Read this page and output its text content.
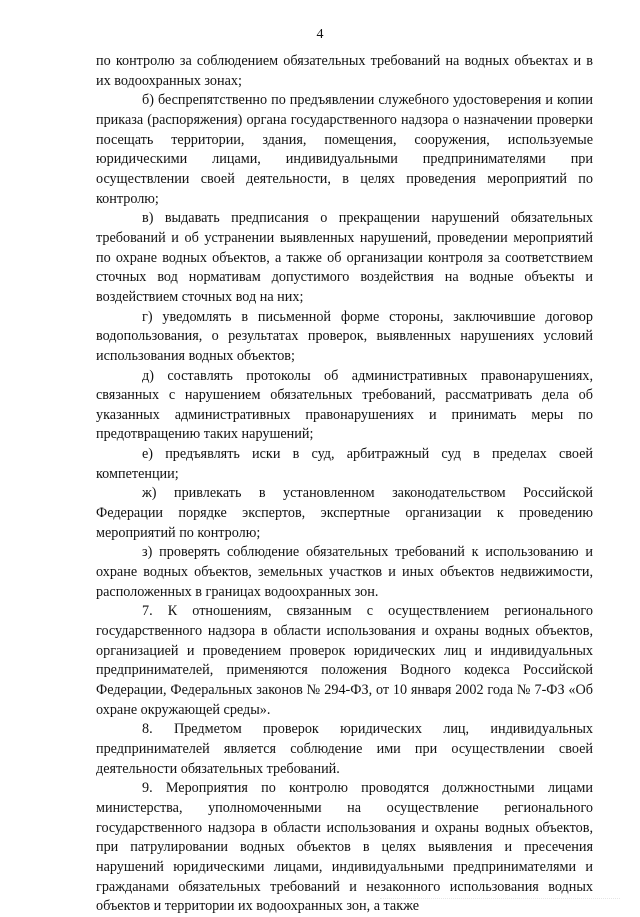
4

по контролю за соблюдением обязательных требований на водных объектах и в их водоохранных зонах;

б) беспрепятственно по предъявлении служебного удостоверения и копии приказа (распоряжения) органа государственного надзора о назначении проверки посещать территории, здания, помещения, сооружения, используемые юридическими лицами, индивидуальными предпринимателями при осуществлении своей деятельности, в целях проведения мероприятий по контролю;

в) выдавать предписания о прекращении нарушений обязательных требований и об устранении выявленных нарушений, проведении мероприятий по охране водных объектов, а также об организации контроля за соответствием сточных вод нормативам допустимого воздействия на водные объекты и воздействием сточных вод на них;

г) уведомлять в письменной форме стороны, заключившие договор водопользования, о результатах проверок, выявленных нарушениях условий использования водных объектов;

д) составлять протоколы об административных правонарушениях, связанных с нарушением обязательных требований, рассматривать дела об указанных административных правонарушениях и принимать меры по предотвращению таких нарушений;

е) предъявлять иски в суд, арбитражный суд в пределах своей компетенции;

ж) привлекать в установленном законодательством Российской Федерации порядке экспертов, экспертные организации к проведению мероприятий по контролю;

з) проверять соблюдение обязательных требований к использованию и охране водных объектов, земельных участков и иных объектов недвижимости, расположенных в границах водоохранных зон.

7. К отношениям, связанным с осуществлением регионального государственного надзора в области использования и охраны водных объектов, организацией и проведением проверок юридических лиц и индивидуальных предпринимателей, применяются положения Водного кодекса Российской Федерации, Федеральных законов № 294-ФЗ, от 10 января 2002 года № 7-ФЗ «Об охране окружающей среды».

8. Предметом проверок юридических лиц, индивидуальных предпринимателей является соблюдение ими при осуществлении своей деятельности обязательных требований.

9. Мероприятия по контролю проводятся должностными лицами министерства, уполномоченными на осуществление регионального государственного надзора в области использования и охраны водных объектов, при патрулировании водных объектов в целях выявления и пресечения нарушений юридическими лицами, индивидуальными предпринимателями и гражданами обязательных требований и незаконного использования водных объектов и территории их водоохранных зон, а также
